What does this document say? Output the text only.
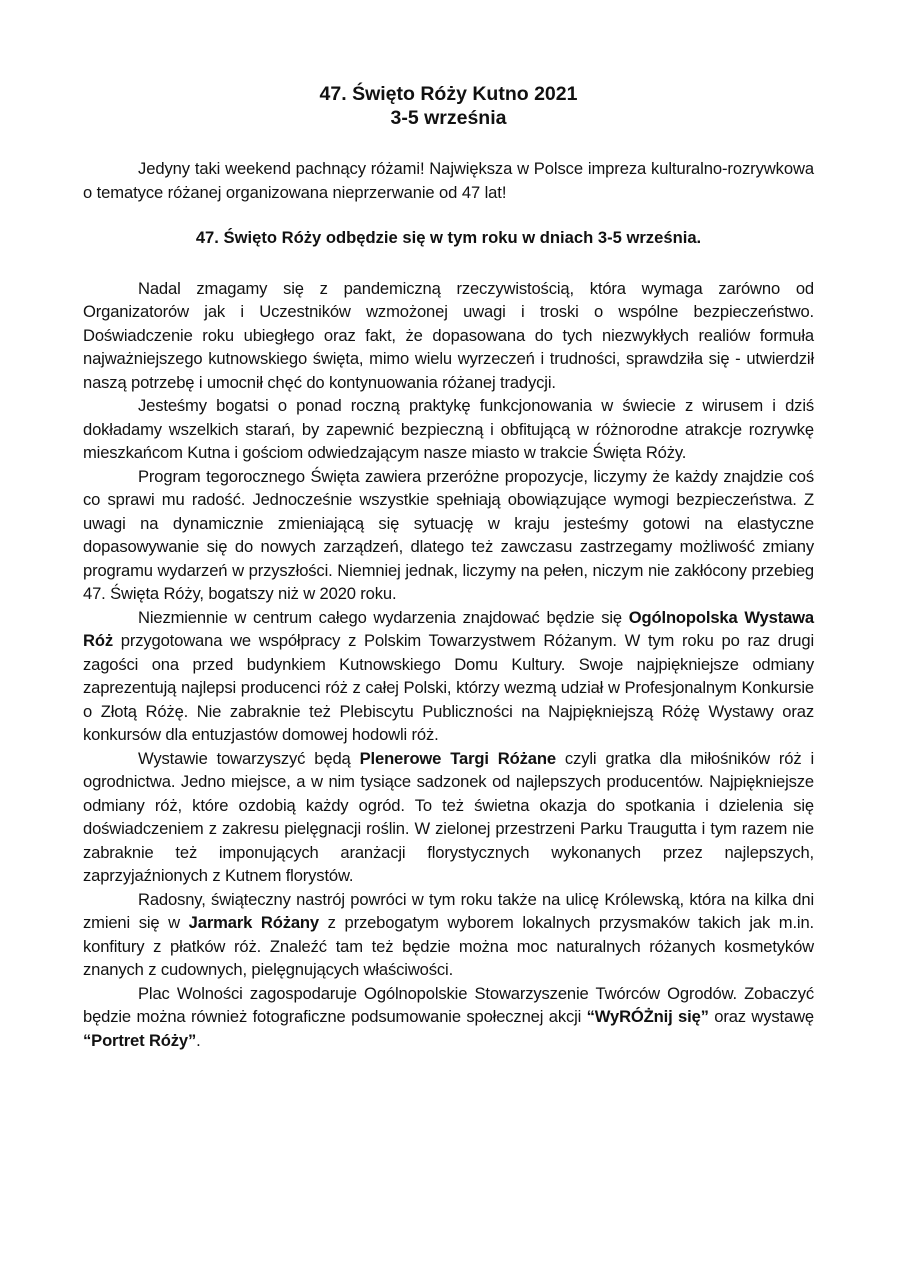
47. Święto Róży Kutno 2021
3-5 września

Jedyny taki weekend pachnący różami! Największa w Polsce impreza kulturalno-rozrywkowa o tematyce różanej organizowana nieprzerwanie od 47 lat!

47. Święto Róży odbędzie się w tym roku w dniach 3-5 września.

Nadal zmagamy się z pandemiczną rzeczywistością, która wymaga zarówno od Organizatorów jak i Uczestników wzmożonej uwagi i troski o wspólne bezpieczeństwo. Doświadczenie roku ubiegłego oraz fakt, że dopasowana do tych niezwykłych realiów formuła najważniejszego kutnowskiego święta, mimo wielu wyrzeczeń i trudności, sprawdziła się - utwierdził naszą potrzebę i umocnił chęć do kontynuowania różanej tradycji.

Jesteśmy bogatsi o ponad roczną praktykę funkcjonowania w świecie z wirusem i dziś dokładamy wszelkich starań, by zapewnić bezpieczną i obfitującą w różnorodne atrakcje rozrywkę mieszkańcom Kutna i gościom odwiedzającym nasze miasto w trakcie Święta Róży.

Program tegorocznego Święta zawiera przeróżne propozycje, liczymy że każdy znajdzie coś co sprawi mu radość. Jednocześnie wszystkie spełniają obowiązujące wymogi bezpieczeństwa. Z uwagi na dynamicznie zmieniającą się sytuację w kraju jesteśmy gotowi na elastyczne dopasowywanie się do nowych zarządzeń, dlatego też zawczasu zastrzegamy możliwość zmiany programu wydarzeń w przyszłości. Niemniej jednak, liczymy na pełen, niczym nie zakłócony przebieg 47. Święta Róży, bogatszy niż w 2020 roku.

Niezmiennie w centrum całego wydarzenia znajdować będzie się Ogólnopolska Wystawa Róż przygotowana we współpracy z Polskim Towarzystwem Różanym. W tym roku po raz drugi zagości ona przed budynkiem Kutnowskiego Domu Kultury. Swoje najpiękniejsze odmiany zaprezentują najlepsi producenci róż z całej Polski, którzy wezmą udział w Profesjonalnym Konkursie o Złotą Różę. Nie zabraknie też Plebiscytu Publiczności na Najpiękniejszą Różę Wystawy oraz konkursów dla entuzjastów domowej hodowli róż.

Wystawie towarzyszyć będą Plenerowe Targi Różane czyli gratka dla miłośników róż i ogrodnictwa. Jedno miejsce, a w nim tysiące sadzonek od najlepszych producentów. Najpiękniejsze odmiany róż, które ozdobią każdy ogród. To też świetna okazja do spotkania i dzielenia się doświadczeniem z zakresu pielęgnacji roślin. W zielonej przestrzeni Parku Traugutta i tym razem nie zabraknie też imponujących aranżacji florystycznych wykonanych przez najlepszych, zaprzyjaźnionych z Kutnem florystów.

Radosny, świąteczny nastrój powróci w tym roku także na ulicę Królewską, która na kilka dni zmieni się w Jarmark Różany z przebogatym wyborem lokalnych przysmaków takich jak m.in. konfitury z płatków róż. Znaleźć tam też będzie można moc naturalnych różanych kosmetyków znanych z cudownych, pielęgnujących właściwości.

Plac Wolności zagospodaruje Ogólnopolskie Stowarzyszenie Twórców Ogrodów. Zobaczyć będzie można również fotograficzne podsumowanie społecznej akcji “WyRÓŻnij się” oraz wystawę “Portret Róży”.
